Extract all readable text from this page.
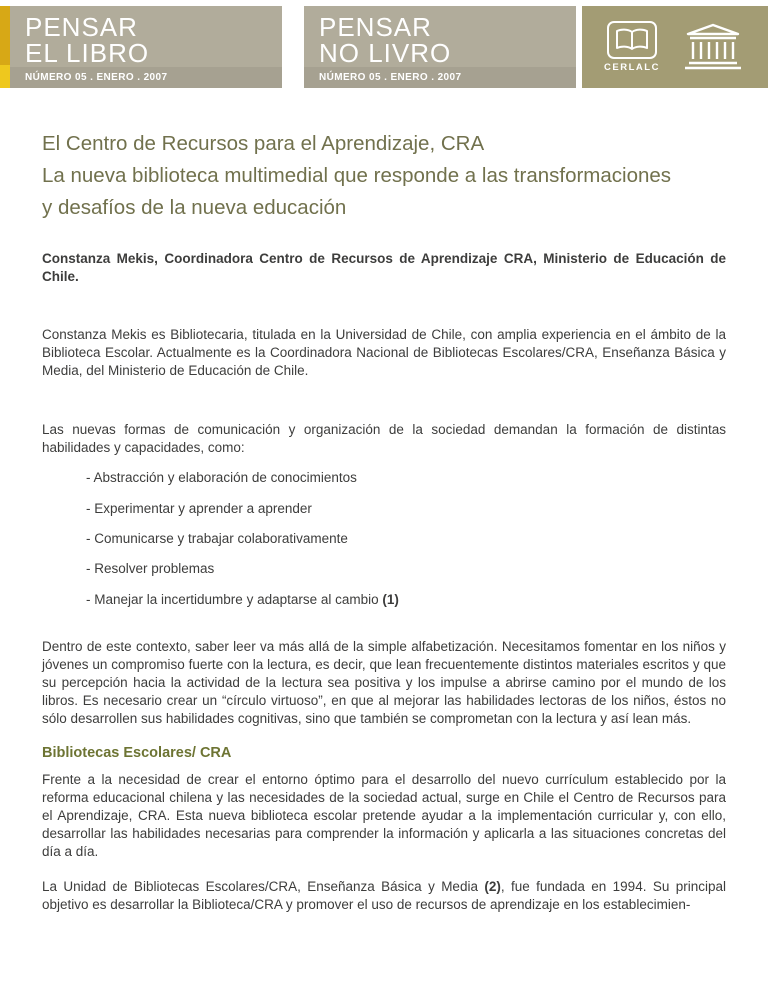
PENSAR
EL LIBRO
NÚMERO 05 . ENERO . 2007
PENSAR
NO LIVRO
NÚMERO 05 . ENERO . 2007
CERLALC
El Centro de Recursos para el Aprendizaje, CRA
La nueva biblioteca multimedial que responde a las transformaciones
y desafíos de la nueva educación

Constanza Mekis, Coordinadora Centro de Recursos de Aprendizaje CRA, Ministerio de Educación de Chile.

Constanza Mekis es Bibliotecaria, titulada en la Universidad de Chile, con amplia experiencia en el ámbito de la Biblioteca Escolar. Actualmente es la Coordinadora Nacional de Bibliotecas Escolares/CRA, Enseñanza Básica y Media, del Ministerio de Educación de Chile.

Las nuevas formas de comunicación y organización de la sociedad demandan la formación de distintas habilidades y capacidades, como:

- Abstracción y elaboración de conocimientos

- Experimentar y aprender a aprender

- Comunicarse y trabajar colaborativamente

- Resolver problemas

- Manejar la incertidumbre y adaptarse al cambio (1)

Dentro de este contexto, saber leer va más allá de la simple alfabetización. Necesitamos fomentar en los niños y jóvenes un compromiso fuerte con la lectura, es decir, que lean frecuentemente distintos materiales escritos y que su percepción hacia la actividad de la lectura sea positiva y los impulse a abrirse camino por el mundo de los libros. Es necesario crear un “círculo virtuoso”, en que al mejorar las habilidades lectoras de los niños, éstos no sólo desarrollen sus habilidades cognitivas, sino que también se comprometan con la lectura y así lean más.

Bibliotecas Escolares/ CRA

Frente a la necesidad de crear el entorno óptimo para el desarrollo del nuevo currículum establecido por la reforma educacional chilena y las necesidades de la sociedad actual, surge en Chile el Centro de Recursos para el Aprendizaje, CRA. Esta nueva biblioteca escolar pretende ayudar a la implementación curricular y, con ello, desarrollar las habilidades necesarias para comprender la información y aplicarla a las situaciones concretas del día a día.

La Unidad de Bibliotecas Escolares/CRA, Enseñanza Básica y Media (2), fue fundada en 1994. Su principal objetivo es desarrollar la Biblioteca/CRA y promover el uso de recursos de aprendizaje en los establecimien-
